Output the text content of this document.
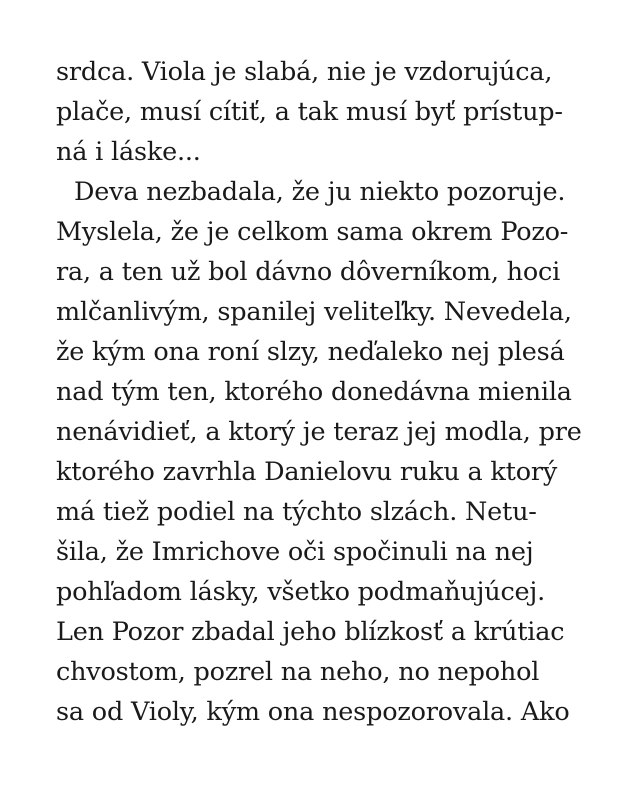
srdca. Viola je slabá, nie je vzdorujúca,
plače, musí cítiť, a tak musí byť prístup-
ná i láske...
Deva nezbadala, že ju niekto pozoruje.
Myslela, že je celkom sama okrem Pozo-
ra, a ten už bol dávno dôverníkom, hoci
mlčanlivým, spanilej veliteľky. Nevedela,
že kým ona roní slzy, neďaleko nej plesá
nad tým ten, ktorého donedávna mienila
nenávidieť, a ktorý je teraz jej modla, pre
ktorého zavrhla Danielovu ruku a ktorý
má tiež podiel na týchto slzách. Netu-
šila, že Imrichove oči spočinuli na nej
pohľadom lásky, všetko podmaňujúcej.
Len Pozor zbadal jeho blízkosť a krútiac
chvostom, pozrel na neho, no nepohol
sa od Violy, kým ona nespozorovala. Ako
